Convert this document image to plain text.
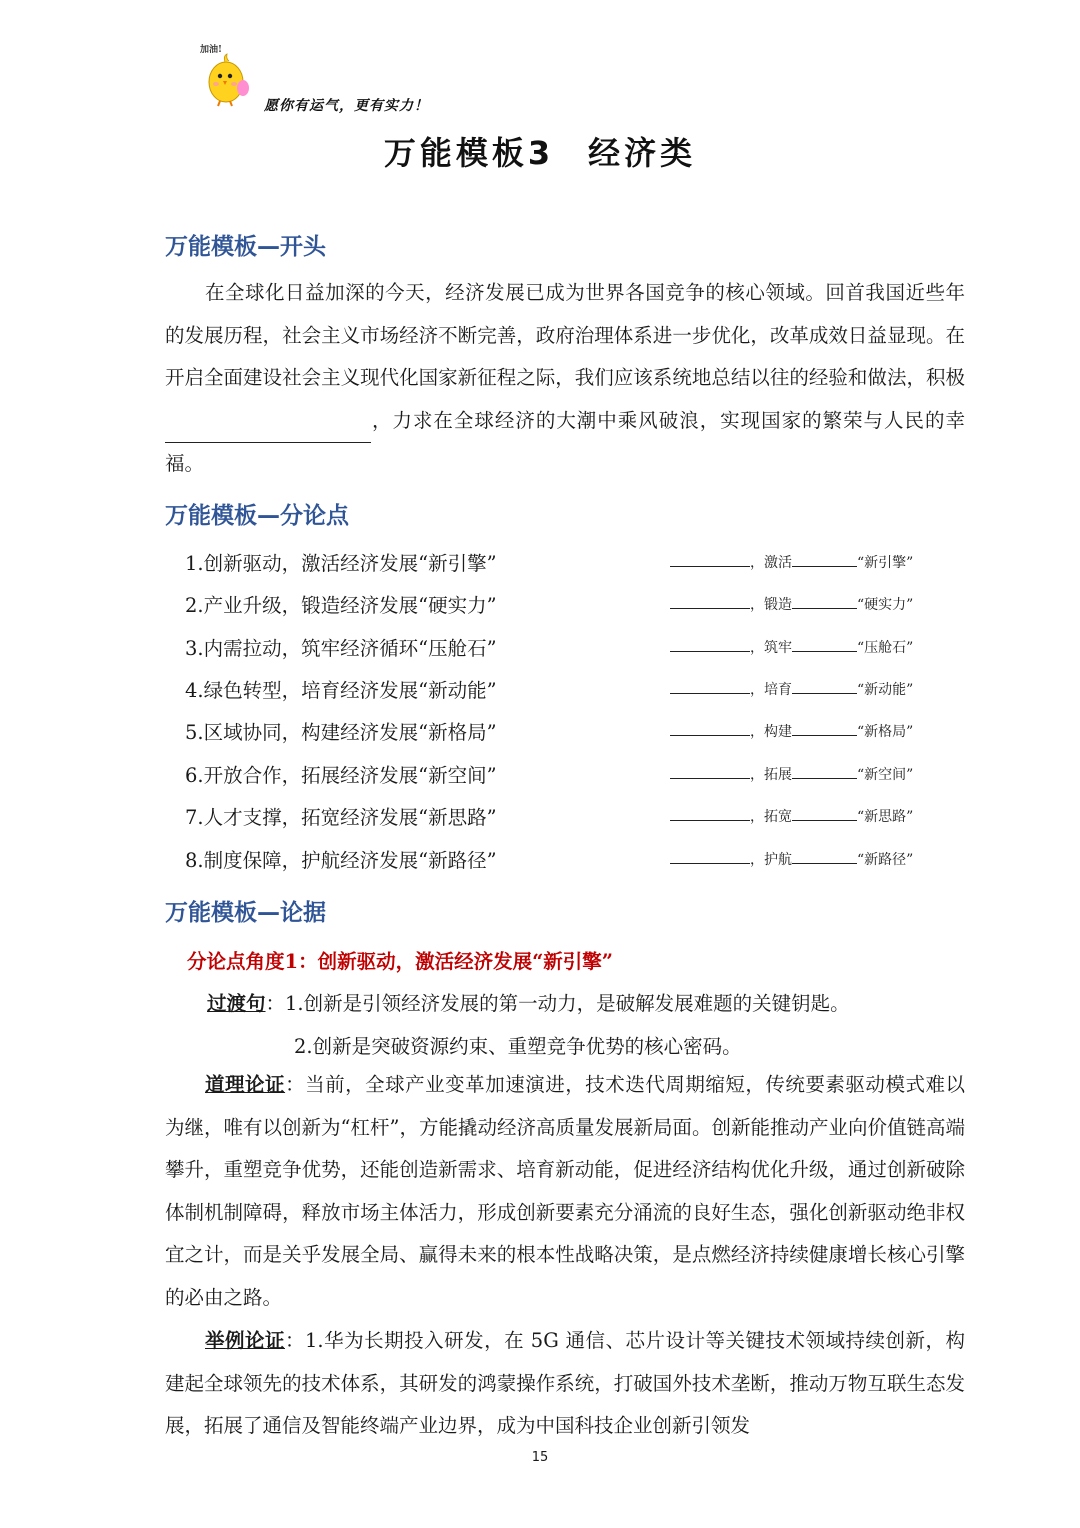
加油!
愿你有运气，更有实力！
万能模板3 经济类
万能模板—开头

在全球化日益加深的今天，经济发展已成为世界各国竞争的核心领域。回首我国近些年的发展历程，社会主义市场经济不断完善，政府治理体系进一步优化，改革成效日益显现。在开启全面建设社会主义现代化国家新征程之际，我们应该系统地总结以往的经验和做法，积极 ，力求在全球经济的大潮中乘风破浪，实现国家的繁荣与人民的幸福。

万能模板—分论点
1.创新驱动，激活经济发展“新引擎”	，激活	“新引擎”
2.产业升级，锻造经济发展“硬实力”	，锻造	“硬实力”
3.内需拉动，筑牢经济循环“压舱石”	，筑牢	“压舱石”
4.绿色转型，培育经济发展“新动能”	，培育	“新动能”
5.区域协同，构建经济发展“新格局”	，构建	“新格局”
6.开放合作，拓展经济发展“新空间”	，拓展	“新空间”
7.人才支撑，拓宽经济发展“新思路”	，拓宽	“新思路”
8.制度保障，护航经济发展“新路径”	，护航	“新路径”
万能模板—论据
分论点角度1：创新驱动，激活经济发展“新引擎”
过渡句：1.创新是引领经济发展的第一动力，是破解发展难题的关键钥匙。
2.创新是突破资源约束、重塑竞争优势的核心密码。

道理论证：当前，全球产业变革加速演进，技术迭代周期缩短，传统要素驱动模式难以为继，唯有以创新为“杠杆”，方能撬动经济高质量发展新局面。创新能推动产业向价值链高端攀升，重塑竞争优势，还能创造新需求、培育新动能，促进经济结构优化升级，通过创新破除体制机制障碍，释放市场主体活力，形成创新要素充分涌流的良好生态，强化创新驱动绝非权宜之计，而是关乎发展全局、赢得未来的根本性战略决策，是点燃经济持续健康增长核心引擎的必由之路。

举例论证：1.华为长期投入研发，在 5G 通信、芯片设计等关键技术领域持续创新，构建起全球领先的技术体系，其研发的鸿蒙操作系统，打破国外技术垄断，推动万物互联生态发展，拓展了通信及智能终端产业边界，成为中国科技企业创新引领发

15
